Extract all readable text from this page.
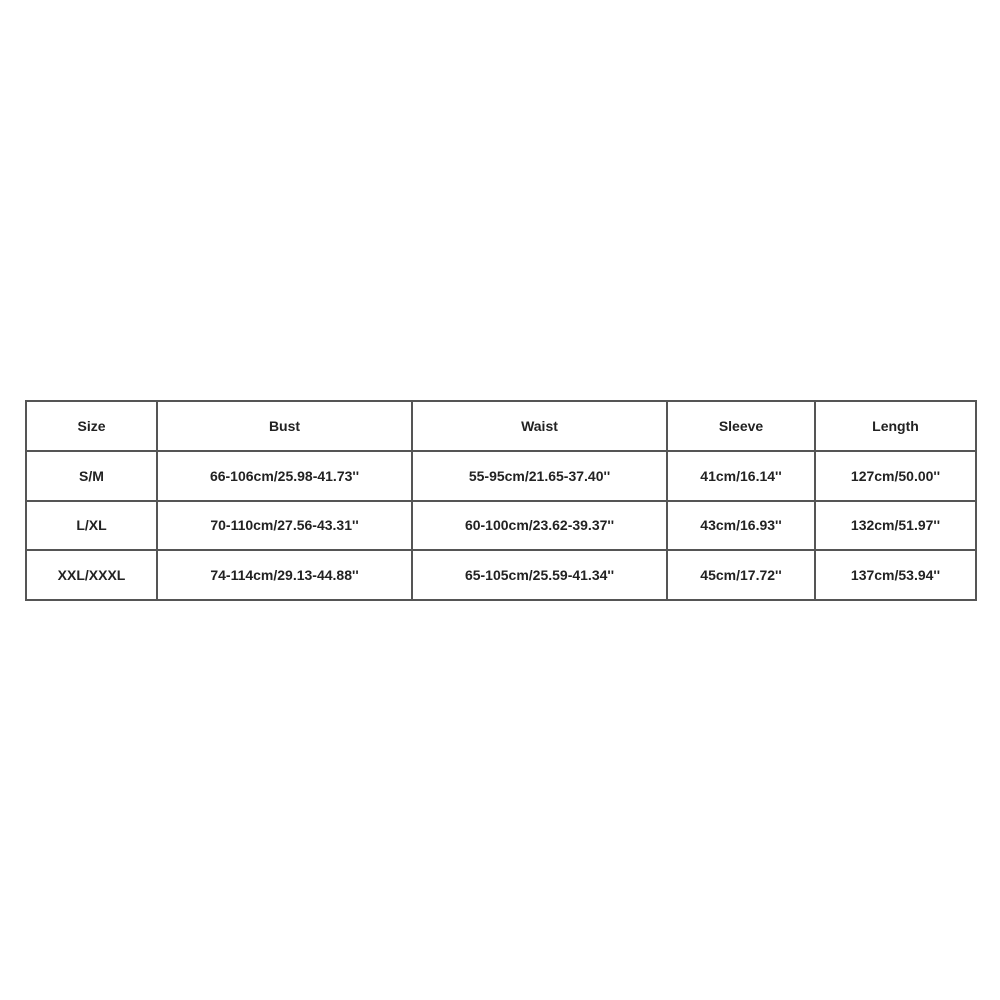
Size	Bust	Waist	Sleeve	Length
S/M	66-106cm/25.98-41.73''	55-95cm/21.65-37.40''	41cm/16.14''	127cm/50.00''
L/XL	70-110cm/27.56-43.31''	60-100cm/23.62-39.37''	43cm/16.93''	132cm/51.97''
XXL/XXXL	74-114cm/29.13-44.88''	65-105cm/25.59-41.34''	45cm/17.72''	137cm/53.94''
